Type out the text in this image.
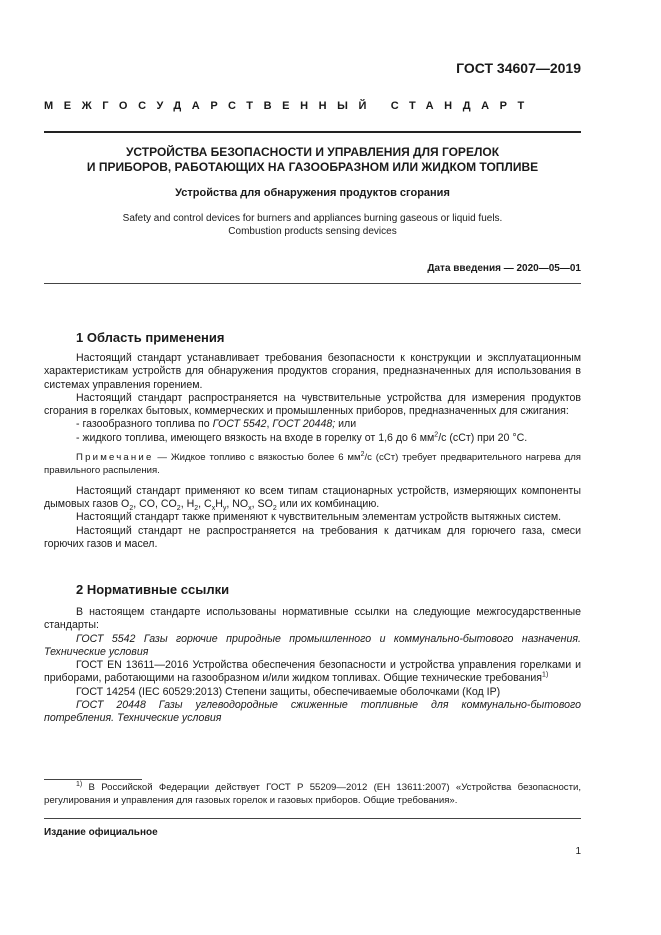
ГОСТ 34607—2019
МЕЖГОСУДАРСТВЕННЫЙ СТАНДАРТ
УСТРОЙСТВА БЕЗОПАСНОСТИ И УПРАВЛЕНИЯ ДЛЯ ГОРЕЛОК
И ПРИБОРОВ, РАБОТАЮЩИХ НА ГАЗООБРАЗНОМ ИЛИ ЖИДКОМ ТОПЛИВЕ
Устройства для обнаружения продуктов сгорания
Safety and control devices for burners and appliances burning gaseous or liquid fuels.
Combustion products sensing devices
Дата введения — 2020—05—01
1 Область применения

Настоящий стандарт устанавливает требования безопасности к конструкции и эксплуатационным характеристикам устройств для обнаружения продуктов сгорания, предназначенных для использования в системах управления горением.

Настоящий стандарт распространяется на чувствительные устройства для измерения продуктов сгорания в горелках бытовых, коммерческих и промышленных приборов, предназначенных для сжигания:

- газообразного топлива по ГОСТ 5542, ГОСТ 20448; или

- жидкого топлива, имеющего вязкость на входе в горелку от 1,6 до 6 $мм^2/с$ (сСт) при 20 °C.

Примечание — Жидкое топливо с вязкостью более 6 $мм^2/с$ (сСт) требует предварительного нагрева для правильного распыления.

Настоящий стандарт применяют ко всем типам стационарных устройств, измеряющих компоненты дымовых газов $O_2$, CO, $CO_2$, $H_2$, $C_xH_y$, $NO_x$, $SO_2$ или их комбинацию.

Настоящий стандарт также применяют к чувствительным элементам устройств вытяжных систем.

Настоящий стандарт не распространяется на требования к датчикам для горючего газа, смеси горючих газов и масел.

2 Нормативные ссылки

В настоящем стандарте использованы нормативные ссылки на следующие межгосударственные стандарты:

ГОСТ 5542 Газы горючие природные промышленного и коммунально-бытового назначения. Технические условия

ГОСТ EN 13611—2016 Устройства обеспечения безопасности и устройства управления горелками и приборами, работающими на газообразном и/или жидком топливах. Общие технические требования$^{1)}$

ГОСТ 14254 (IEC 60529:2013) Степени защиты, обеспечиваемые оболочками (Код IP)

ГОСТ 20448 Газы углеводородные сжиженные топливные для коммунально-бытового потребления. Технические условия

$^{1)}$ В Российской Федерации действует ГОСТ Р 55209—2012 (ЕН 13611:2007) «Устройства безопасности, регулирования и управления для газовых горелок и газовых приборов. Общие требования».

Издание официальное
1
